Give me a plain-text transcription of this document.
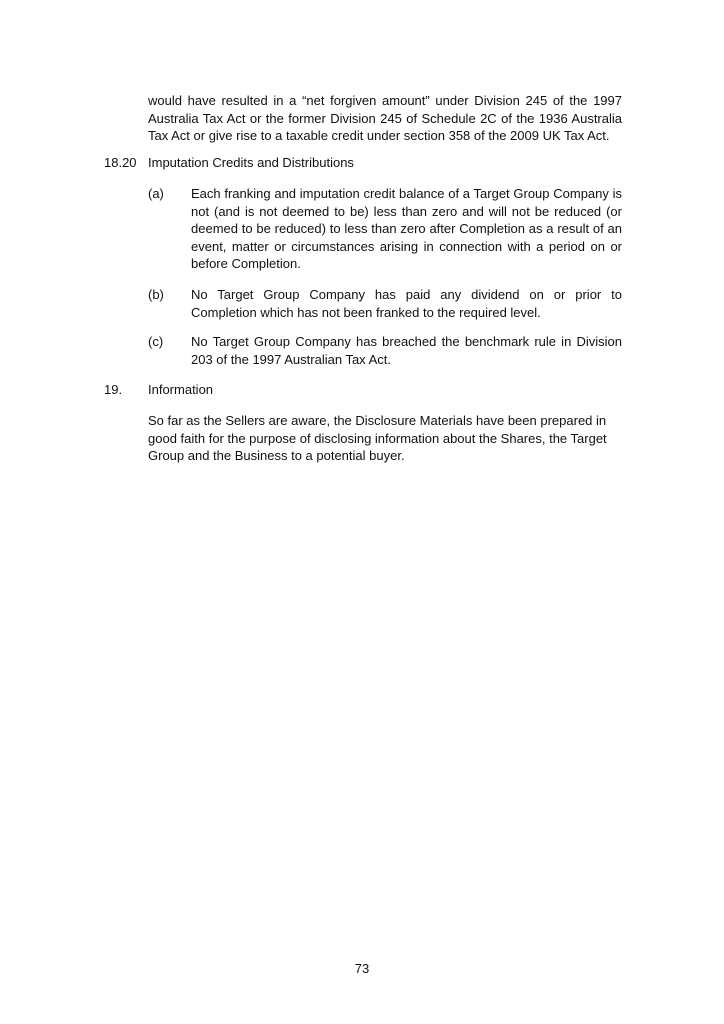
would have resulted in a “net forgiven amount” under Division 245 of the 1997 Australia Tax Act or the former Division 245 of Schedule 2C of the 1936 Australia Tax Act or give rise to a taxable credit under section 358 of the 2009 UK Tax Act.

18.20 Imputation Credits and Distributions

(a) Each franking and imputation credit balance of a Target Group Company is not (and is not deemed to be) less than zero and will not be reduced (or deemed to be reduced) to less than zero after Completion as a result of an event, matter or circumstances arising in connection with a period on or before Completion.

(b) No Target Group Company has paid any dividend on or prior to Completion which has not been franked to the required level.

(c) No Target Group Company has breached the benchmark rule in Division 203 of the 1997 Australian Tax Act.

19. Information

So far as the Sellers are aware, the Disclosure Materials have been prepared in good faith for the purpose of disclosing information about the Shares, the Target Group and the Business to a potential buyer.

73
